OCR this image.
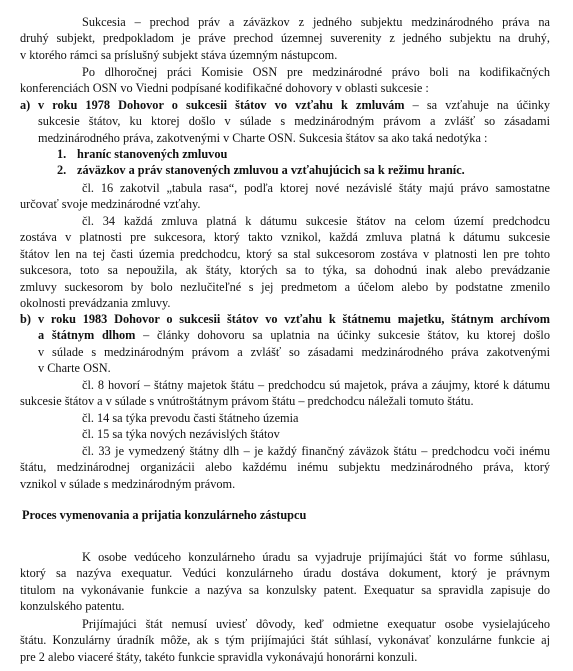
Sukcesia – prechod práv a záväzkov z jedného subjektu medzinárodného práva na

druhý subjekt, predpokladom je práve prechod územnej suverenity z jedného subjektu na druhý,

v ktorého rámci sa príslušný subjekt stáva územným nástupcom.

Po dlhoročnej práci Komisie OSN pre medzinárodné právo boli na kodifikačných

konferenciách OSN vo Viedni podpísané kodifikačné dohovory v oblasti sukcesie :

a) v roku 1978 Dohovor o sukcesii štátov vo vzťahu k zmluvám – sa vzťahuje na účinky

sukcesie štátov, ku ktorej došlo v súlade s medzinárodným právom a zvlášť so zásadami

medzinárodného práva, zakotvenými v Charte OSN. Sukcesia štátov sa ako taká nedotýka :

1. hraníc stanovených zmluvou

2. záväzkov a práv stanovených zmluvou a vzťahujúcich sa k režimu hraníc.

čl. 16 zakotvil „tabula rasa“, podľa ktorej nové nezávislé štáty majú právo samostatne

určovať svoje medzinárodné vzťahy.

čl. 34 každá zmluva platná k dátumu sukcesie štátov na celom území predchodcu

zostáva v platnosti pre sukcesora, ktorý takto vznikol, každá zmluva platná k dátumu sukcesie

štátov len na tej časti územia predchodcu, ktorý sa stal sukcesorom zostáva v platnosti len pre tohto

sukcesora, toto sa nepoužila, ak štáty, ktorých sa to týka, sa dohodnú inak alebo prevádzanie

zmluvy suckesorom by bolo nezlučiteľné s jej predmetom a účelom alebo by podstatne zmenilo

okolnosti prevádzania zmluvy.

b) v roku 1983 Dohovor o sukcesii štátov vo vzťahu k štátnemu majetku, štátnym archívom

a štátnym dlhom – články dohovoru sa uplatnia na účinky sukcesie štátov, ku ktorej došlo

v súlade s medzinárodným právom a zvlášť so zásadami medzinárodného práva zakotvenými

v Charte OSN.

čl. 8 hovorí – štátny majetok štátu – predchodcu sú majetok, práva a záujmy, ktoré k dátumu

sukcesie štátov a v súlade s vnútroštátnym právom štátu – predchodcu náležali tomuto štátu.

čl. 14 sa týka prevodu časti štátneho územia

čl. 15 sa týka nových nezávislých štátov

čl. 33 je vymedzený štátny dlh – je každý finančný záväzok štátu – predchodcu voči inému

štátu, medzinárodnej organizácii alebo každému inému subjektu medzinárodného práva, ktorý

vznikol v súlade s medzinárodným právom.

Proces vymenovania a prijatia konzulárneho zástupcu

K osobe vedúceho konzulárneho úradu sa vyjadruje prijímajúci štát vo forme súhlasu,

ktorý sa nazýva exequatur. Vedúci konzulárneho úradu dostáva dokument, ktorý je právnym

titulom na vykonávanie funkcie a nazýva sa konzulsky patent. Exequatur sa spravidla zapisuje do

konzulského patentu.

Prijímajúci štát nemusí uviesť dôvody, keď odmietne exequatur osobe vysielajúceho

štátu. Konzulárny úradník môže, ak s tým prijímajúci štát súhlasí, vykonávať konzulárne funkcie aj

pre 2 alebo viaceré štáty, takéto funkcie spravidla vykonávajú honorárni konzuli.
